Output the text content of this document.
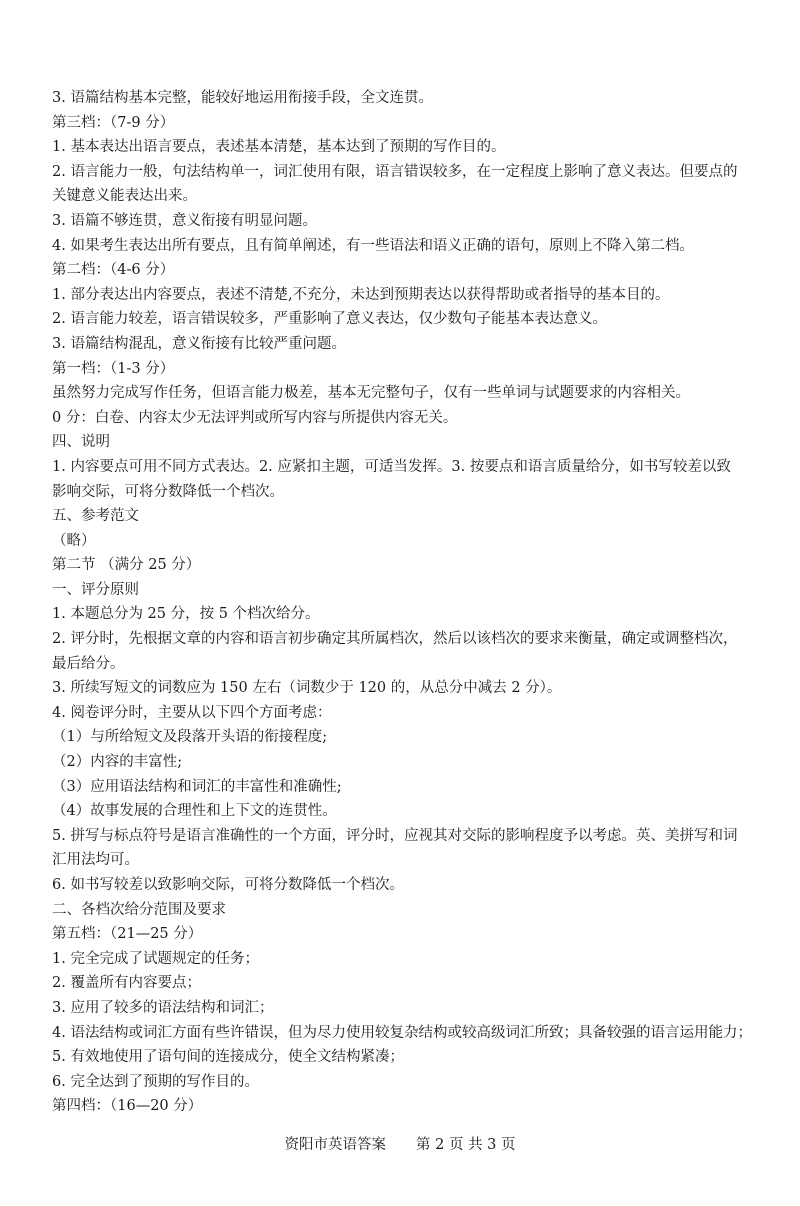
3. 语篇结构基本完整，能较好地运用衔接手段，全文连贯。
第三档：（7-9 分）
1. 基本表达出语言要点，表述基本清楚，基本达到了预期的写作目的。
2. 语言能力一般，句法结构单一，词汇使用有限，语言错误较多，在一定程度上影响了意义表达。但要点的
关键意义能表达出来。
3. 语篇不够连贯，意义衔接有明显问题。
4. 如果考生表达出所有要点，且有简单阐述，有一些语法和语义正确的语句，原则上不降入第二档。
第二档：（4-6 分）
1. 部分表达出内容要点，表述不清楚,不充分，未达到预期表达以获得帮助或者指导的基本目的。
2. 语言能力较差，语言错误较多，严重影响了意义表达，仅少数句子能基本表达意义。
3. 语篇结构混乱，意义衔接有比较严重问题。
第一档：（1-3 分）
虽然努力完成写作任务，但语言能力极差，基本无完整句子，仅有一些单词与试题要求的内容相关。
0 分：白卷、内容太少无法评判或所写内容与所提供内容无关。
四、说明
1. 内容要点可用不同方式表达。2. 应紧扣主题，可适当发挥。3. 按要点和语言质量给分，如书写较差以致
影响交际，可将分数降低一个档次。
五、参考范文
（略）
第二节 （满分 25 分）
一、评分原则
1. 本题总分为 25 分，按 5 个档次给分。
2. 评分时，先根据文章的内容和语言初步确定其所属档次，然后以该档次的要求来衡量，确定或调整档次，
最后给分。
3. 所续写短文的词数应为 150 左右（词数少于 120 的，从总分中减去 2 分）。
4. 阅卷评分时，主要从以下四个方面考虑：
（1）与所给短文及段落开头语的衔接程度;
（2）内容的丰富性;
（3）应用语法结构和词汇的丰富性和准确性;
（4）故事发展的合理性和上下文的连贯性。
5. 拼写与标点符号是语言准确性的一个方面，评分时，应视其对交际的影响程度予以考虑。英、美拼写和词
汇用法均可。
6. 如书写较差以致影响交际，可将分数降低一个档次。
二、各档次给分范围及要求
第五档：（21—25 分）
1. 完全完成了试题规定的任务；
2. 覆盖所有内容要点；
3. 应用了较多的语法结构和词汇；
4. 语法结构或词汇方面有些许错误，但为尽力使用较复杂结构或较高级词汇所致；具备较强的语言运用能力；
5. 有效地使用了语句间的连接成分，使全文结构紧凑；
6. 完全达到了预期的写作目的。
第四档：（16—20 分）
资阳市英语答案 第 2 页 共 3 页
